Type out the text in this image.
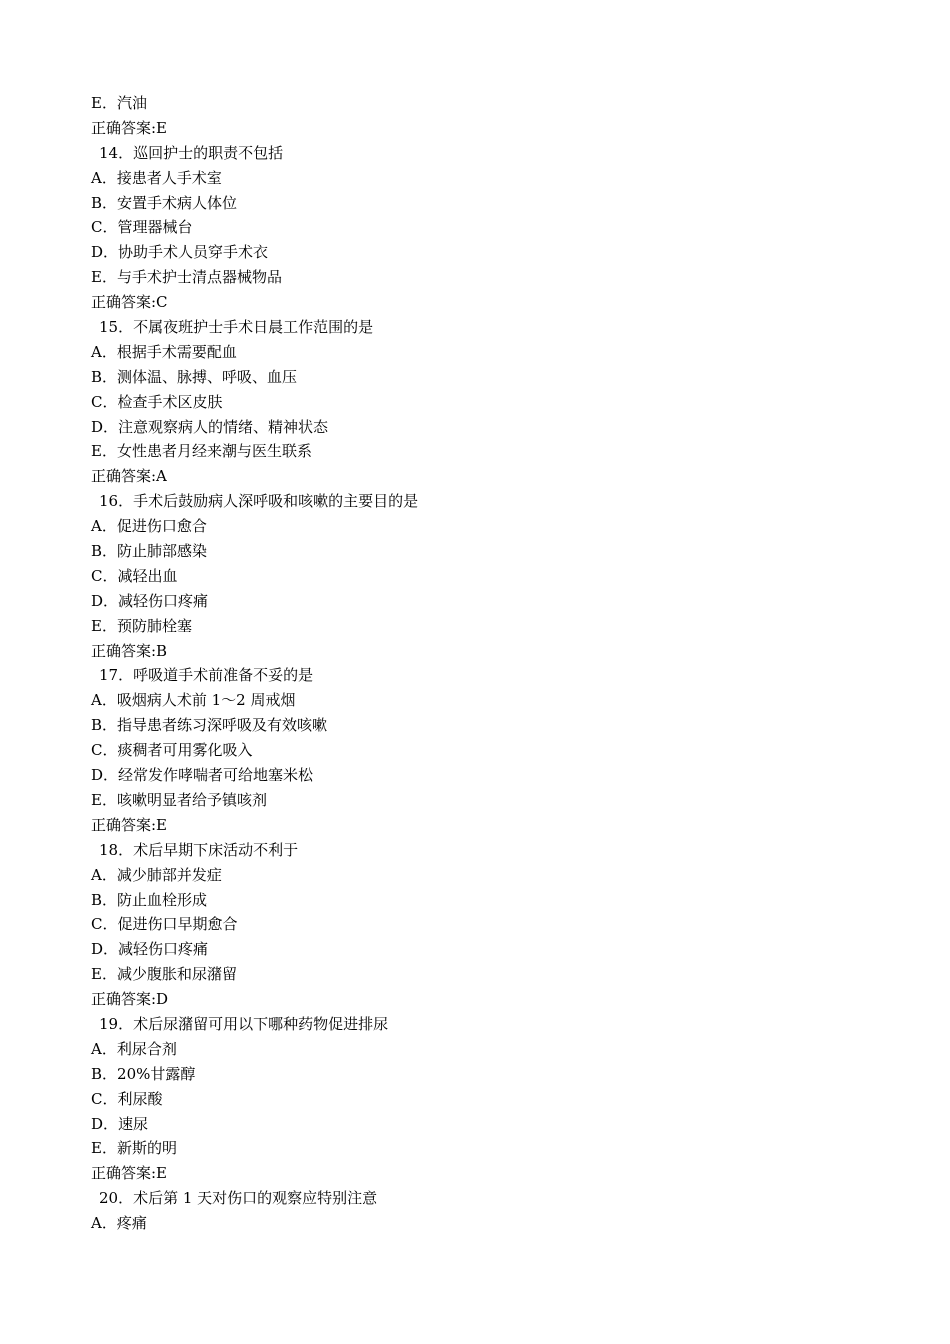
E．汽油
正确答案:E
14．巡回护士的职责不包括
A．接患者人手术室
B．安置手术病人体位
C．管理器械台
D．协助手术人员穿手术衣
E．与手术护士清点器械物品
正确答案:C
15．不属夜班护士手术日晨工作范围的是
A．根据手术需要配血
B．测体温、脉搏、呼吸、血压
C．检查手术区皮肤
D．注意观察病人的情绪、精神状态
E．女性患者月经来潮与医生联系
正确答案:A
16．手术后鼓励病人深呼吸和咳嗽的主要目的是
A．促进伤口愈合
B．防止肺部感染
C．减轻出血
D．减轻伤口疼痛
E．预防肺栓塞
正确答案:B
17．呼吸道手术前准备不妥的是
A．吸烟病人术前 1～2 周戒烟
B．指导患者练习深呼吸及有效咳嗽
C．痰稠者可用雾化吸入
D．经常发作哮喘者可给地塞米松
E．咳嗽明显者给予镇咳剂
正确答案:E
18．术后早期下床活动不利于
A．减少肺部并发症
B．防止血栓形成
C．促进伤口早期愈合
D．减轻伤口疼痛
E．减少腹胀和尿潴留
正确答案:D
19．术后尿潴留可用以下哪种药物促进排尿
A．利尿合剂
B．20%甘露醇
C．利尿酸
D．速尿
E．新斯的明
正确答案:E
20．术后第 1 天对伤口的观察应特别注意
A．疼痛
